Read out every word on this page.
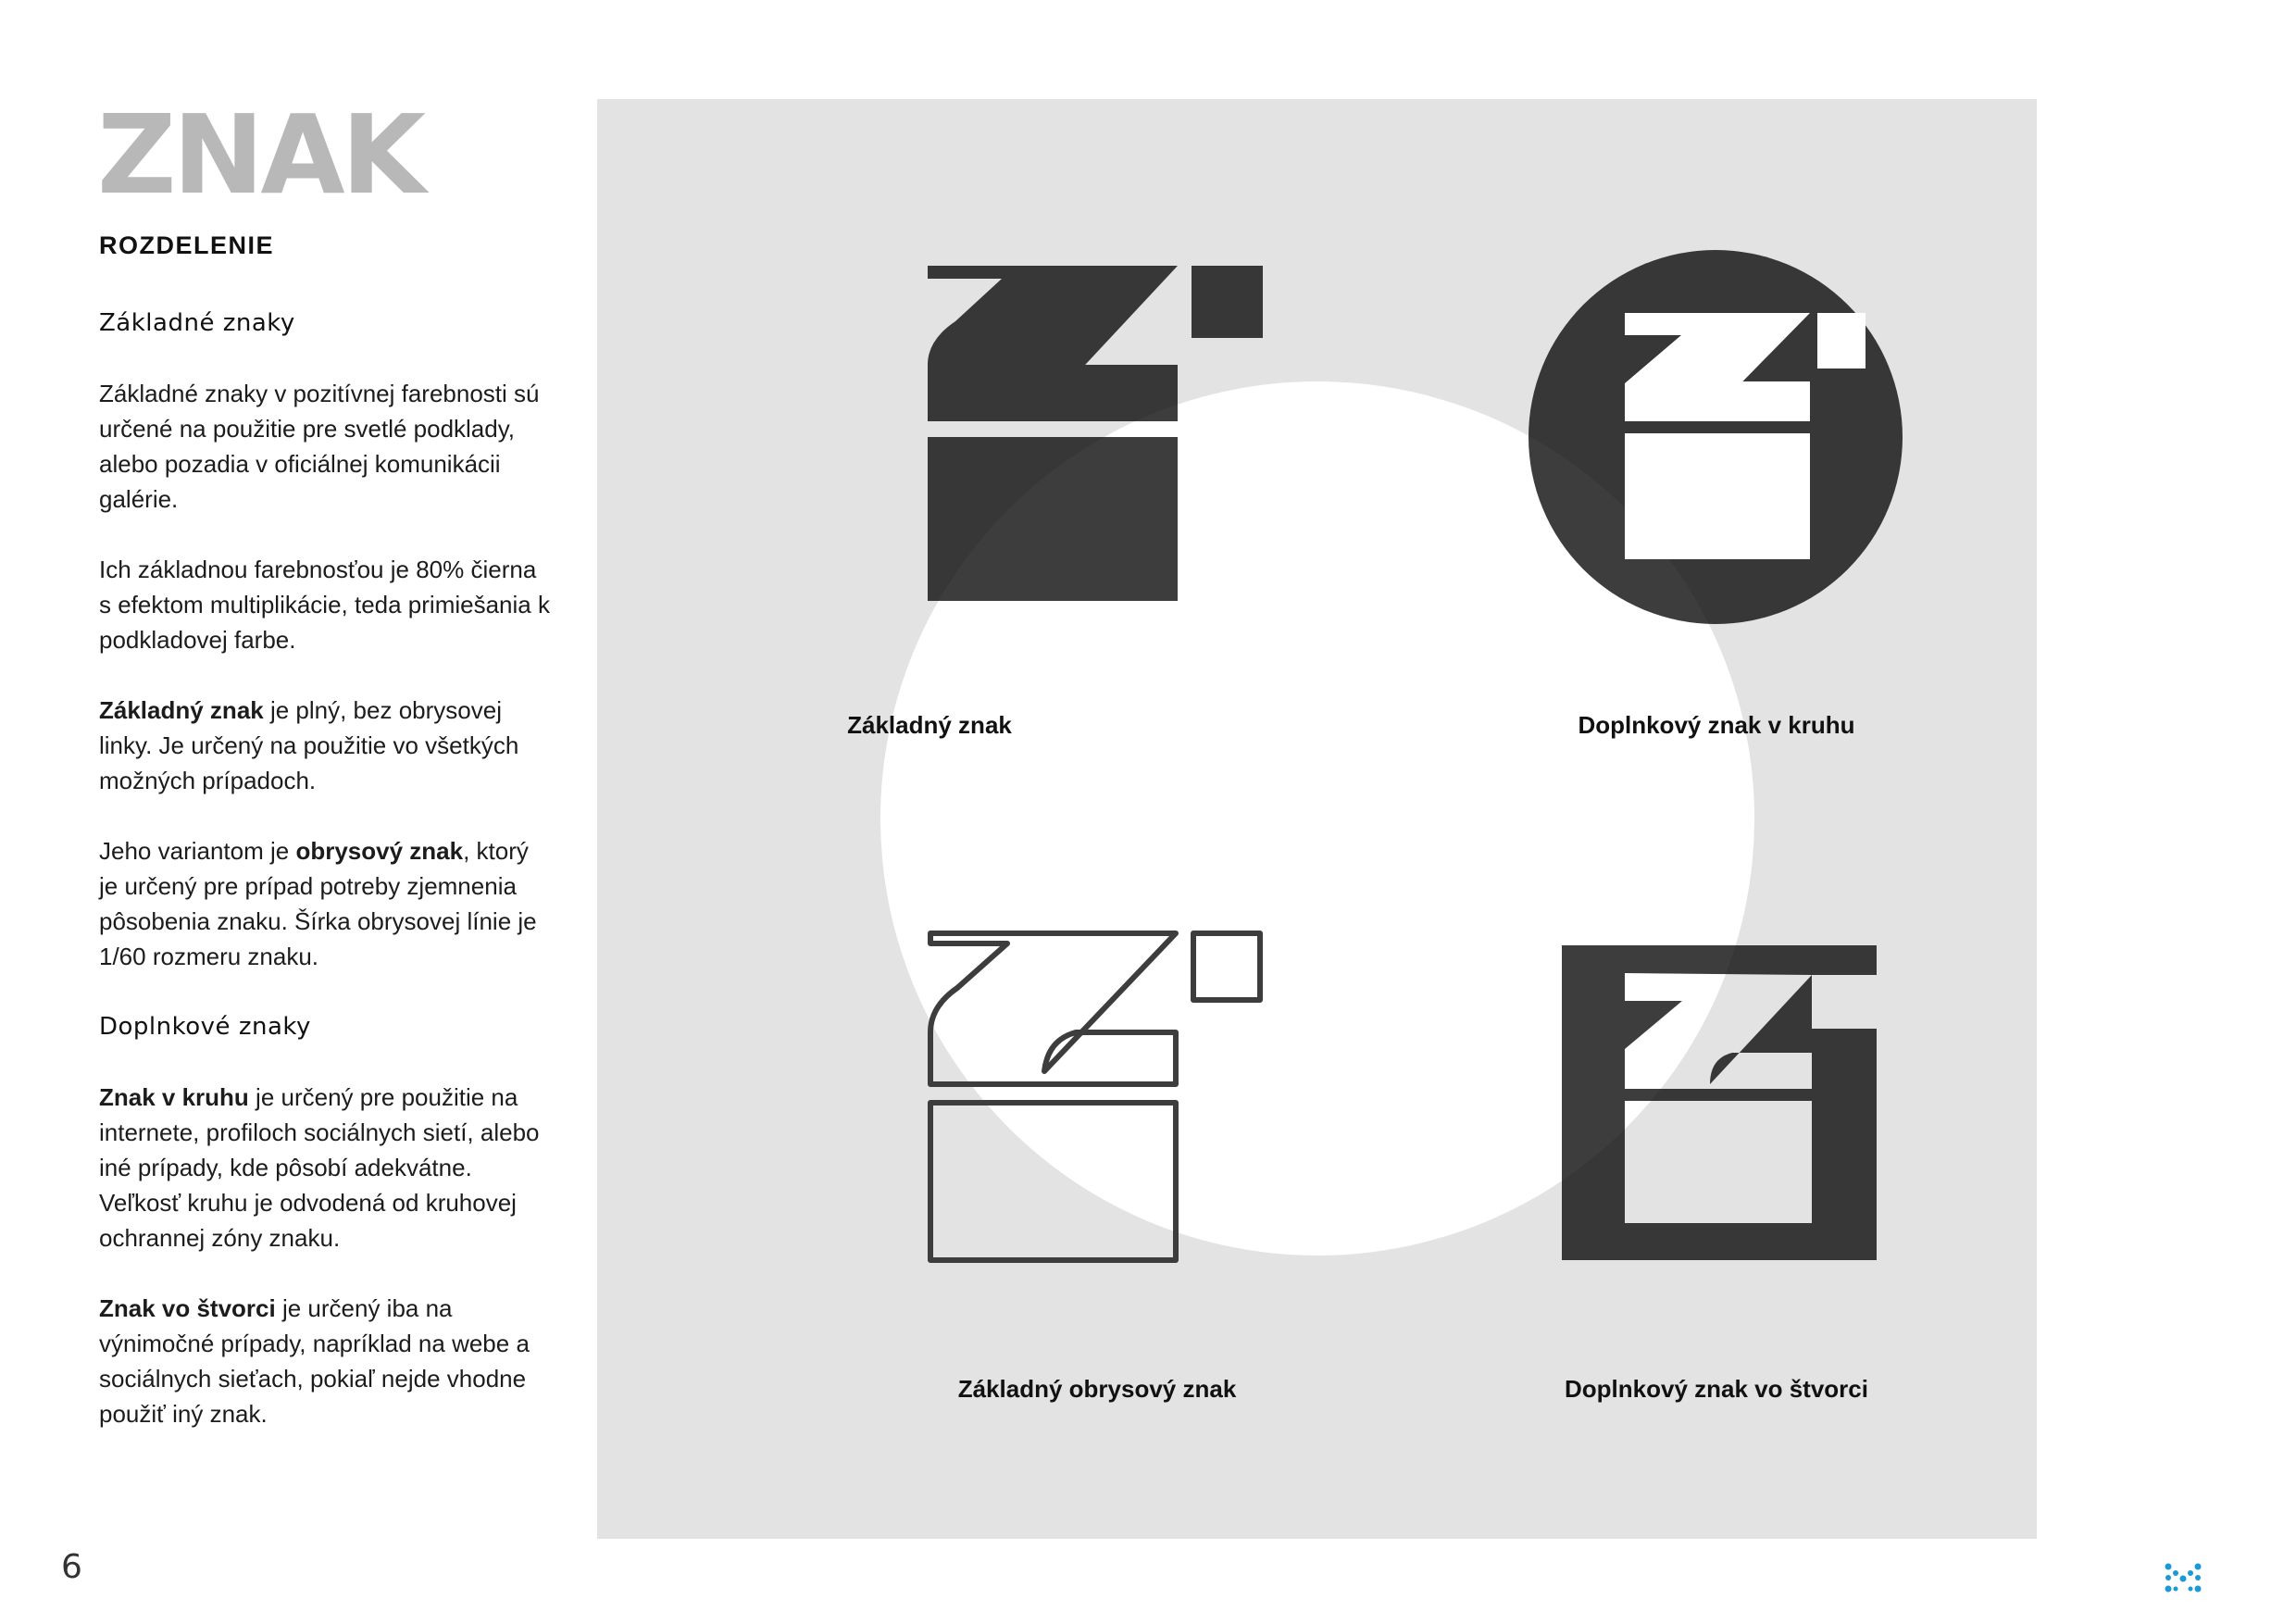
ZNAK
ROZDELENIE
Základné znaky

Základné znaky v pozitívnej farebnosti sú určené na použitie pre svetlé podklady, alebo pozadia v oficiálnej komunikácii galérie.

Ich základnou farebnosťou je 80% čierna s efektom multiplikácie, teda primiešania k podkladovej farbe.

Základný znak je plný, bez obrysovej linky. Je určený na použitie vo všetkých možných prípadoch.

Jeho variantom je obrysový znak, ktorý je určený pre prípad potreby zjemnenia pôsobenia znaku. Šírka obrysovej línie je 1/60 rozmeru znaku.

Doplnkové znaky

Znak v kruhu je určený pre použitie na internete, profiloch sociálnych sietí, alebo iné prípady, kde pôsobí adekvátne. Veľkosť kruhu je odvodená od kruhovej ochrannej zóny znaku.

Znak vo štvorci je určený iba na výnimočné prípady, napríklad na webe a sociálnych sieťach, pokiaľ nejde vhodne použiť iný znak.

Základný znak	Doplnkový znak v kruhu

Základný obrysový znak	Doplnkový znak vo štvorci

6
